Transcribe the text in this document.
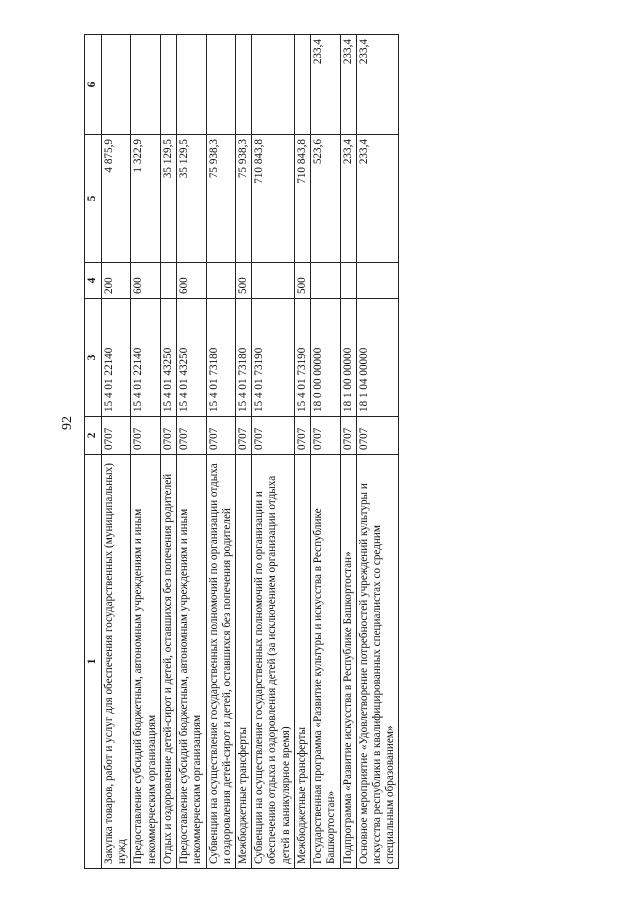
92
1	2	3	4	5	6
Закупка товаров, работ и услуг для обеспечения государственных (муниципальных) нужд	0707	15 4 01 22140	200	4 875,9	
Предоставление субсидий бюджетным, автономным учреждениям и иным некоммерческим организациям	0707	15 4 01 22140	600	1 322,9	
Отдых и оздоровление детей-сирот и детей, оставшихся без попечения родителей	0707	15 4 01 43250		35 129,5	
Предоставление субсидий бюджетным, автономным учреждениям и иным некоммерческим организациям	0707	15 4 01 43250	600	35 129,5	
Субвенции на осуществление государственных полномочий по организации отдыха и оздоровления детей-сирот и детей, оставшихся без попечения родителей	0707	15 4 01 73180		75 938,3	
Межбюджетные трансферты	0707	15 4 01 73180	500	75 938,3	
Субвенции на осуществление государственных полномочий по организации и обеспечению отдыха и оздоровления детей (за исключением организации отдыха детей в каникулярное время)	0707	15 4 01 73190		710 843,8	
Межбюджетные трансферты	0707	15 4 01 73190	500	710 843,8	
Государственная программа «Развитие культуры и искусства в Республике Башкортостан»	0707	18 0 00 00000		523,6	233,4
Подпрограмма «Развитие искусства в Республике Башкортостан»	0707	18 1 00 00000		233,4	233,4
Основное мероприятие «Удовлетворение потребностей учреждений культуры и искусства республики в квалифицированных специалистах со средним специальным образованием»	0707	18 1 04 00000		233,4	233,4
